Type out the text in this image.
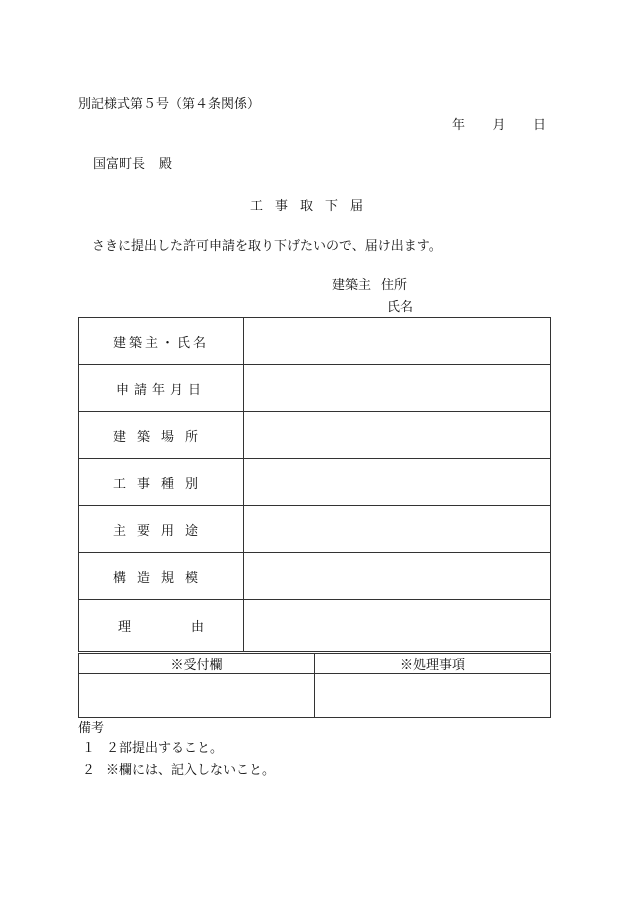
別記様式第５号（第４条関係）
年 月 日
国富町長 殿
工事取下届
さきに提出した許可申請を取り下げたいので、届け出ます。
建築主 住所
氏名
建築主・氏名	
申請年月日	
建築場所	
工事種別	
主要用途	
構造規模	

理 由	

※受付欄	※処理事項

備考
１ ２部提出すること。
２ ※欄には、記入しないこと。
